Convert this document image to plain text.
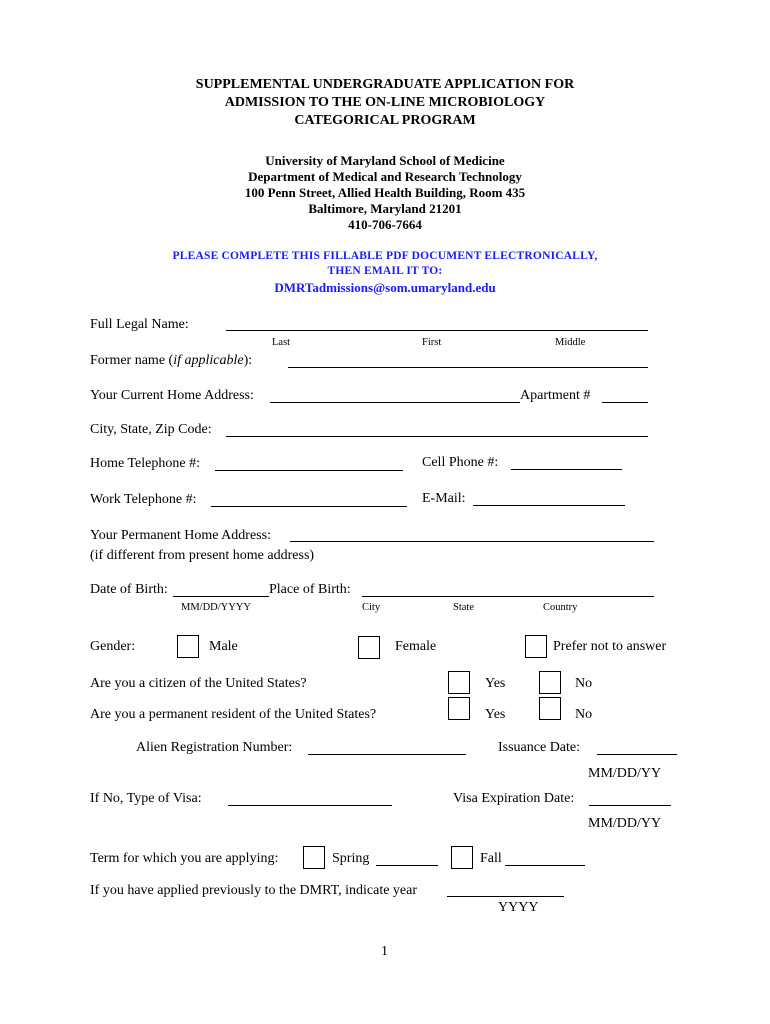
SUPPLEMENTAL UNDERGRADUATE APPLICATION FOR
ADMISSION TO THE ON-LINE MICROBIOLOGY
CATEGORICAL PROGRAM
University of Maryland School of Medicine
Department of Medical and Research Technology
100 Penn Street, Allied Health Building, Room 435
Baltimore, Maryland 21201
410-706-7664
PLEASE COMPLETE THIS FILLABLE PDF DOCUMENT ELECTRONICALLY,
THEN EMAIL IT TO:
DMRTadmissions@som.umaryland.edu
Full Legal Name:
Last	First	Middle
Former name (if applicable):
Your Current Home Address:	Apartment #
City, State, Zip Code:
Home Telephone #:	Cell Phone #:
Work Telephone #:	E-Mail:
Your Permanent Home Address:
(if different from present home address)
Date of Birth:	Place of Birth:
MM/DD/YYYY	City	State	Country
Gender:	Male	Female	Prefer not to answer
Are you a citizen of the United States?	Yes	No
Are you a permanent resident of the United States?	Yes	No
Alien Registration Number:	Issuance Date:
MM/DD/YY
If No, Type of Visa:	Visa Expiration Date:
MM/DD/YY
Term for which you are applying:	Spring	Fall
If you have applied previously to the DMRT, indicate year
YYYY
1
